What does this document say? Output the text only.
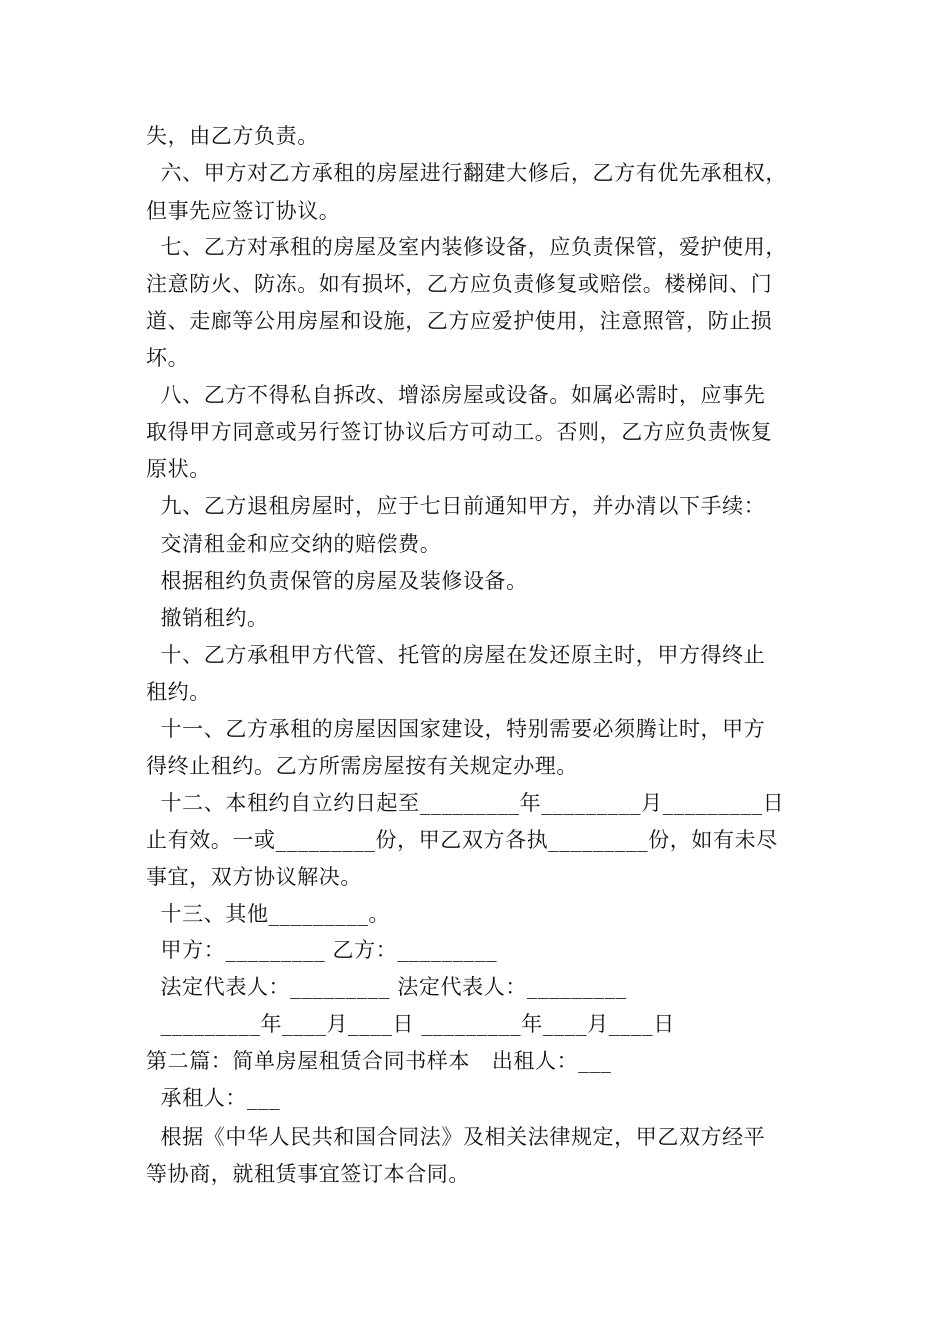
失，由乙方负责。
六、甲方对乙方承租的房屋进行翻建大修后，乙方有优先承租权，
但事先应签订协议。
七、乙方对承租的房屋及室内装修设备，应负责保管，爱护使用，
注意防火、防冻。如有损坏，乙方应负责修复或赔偿。楼梯间、门
道、走廊等公用房屋和设施，乙方应爱护使用，注意照管，防止损
坏。
八、乙方不得私自拆改、增添房屋或设备。如属必需时，应事先
取得甲方同意或另行签订协议后方可动工。否则，乙方应负责恢复
原状。
九、乙方退租房屋时，应于七日前通知甲方，并办清以下手续：
交清租金和应交纳的赔偿费。
根据租约负责保管的房屋及装修设备。
撤销租约。
十、乙方承租甲方代管、托管的房屋在发还原主时，甲方得终止
租约。
十一、乙方承租的房屋因国家建设，特别需要必须腾让时，甲方
得终止租约。乙方所需房屋按有关规定办理。
十二、本租约自立约日起至_________年_________月_________日
止有效。一或_________份，甲乙双方各执_________份，如有未尽
事宜，双方协议解决。
十三、其他_________。
甲方：_________ 乙方：_________
法定代表人：_________ 法定代表人：_________
_________年____月____日 _________年____月____日
第二篇：简单房屋租赁合同书样本   出租人：___
承租人：___
根据《中华人民共和国合同法》及相关法律规定，甲乙双方经平
等协商，就租赁事宜签订本合同。
